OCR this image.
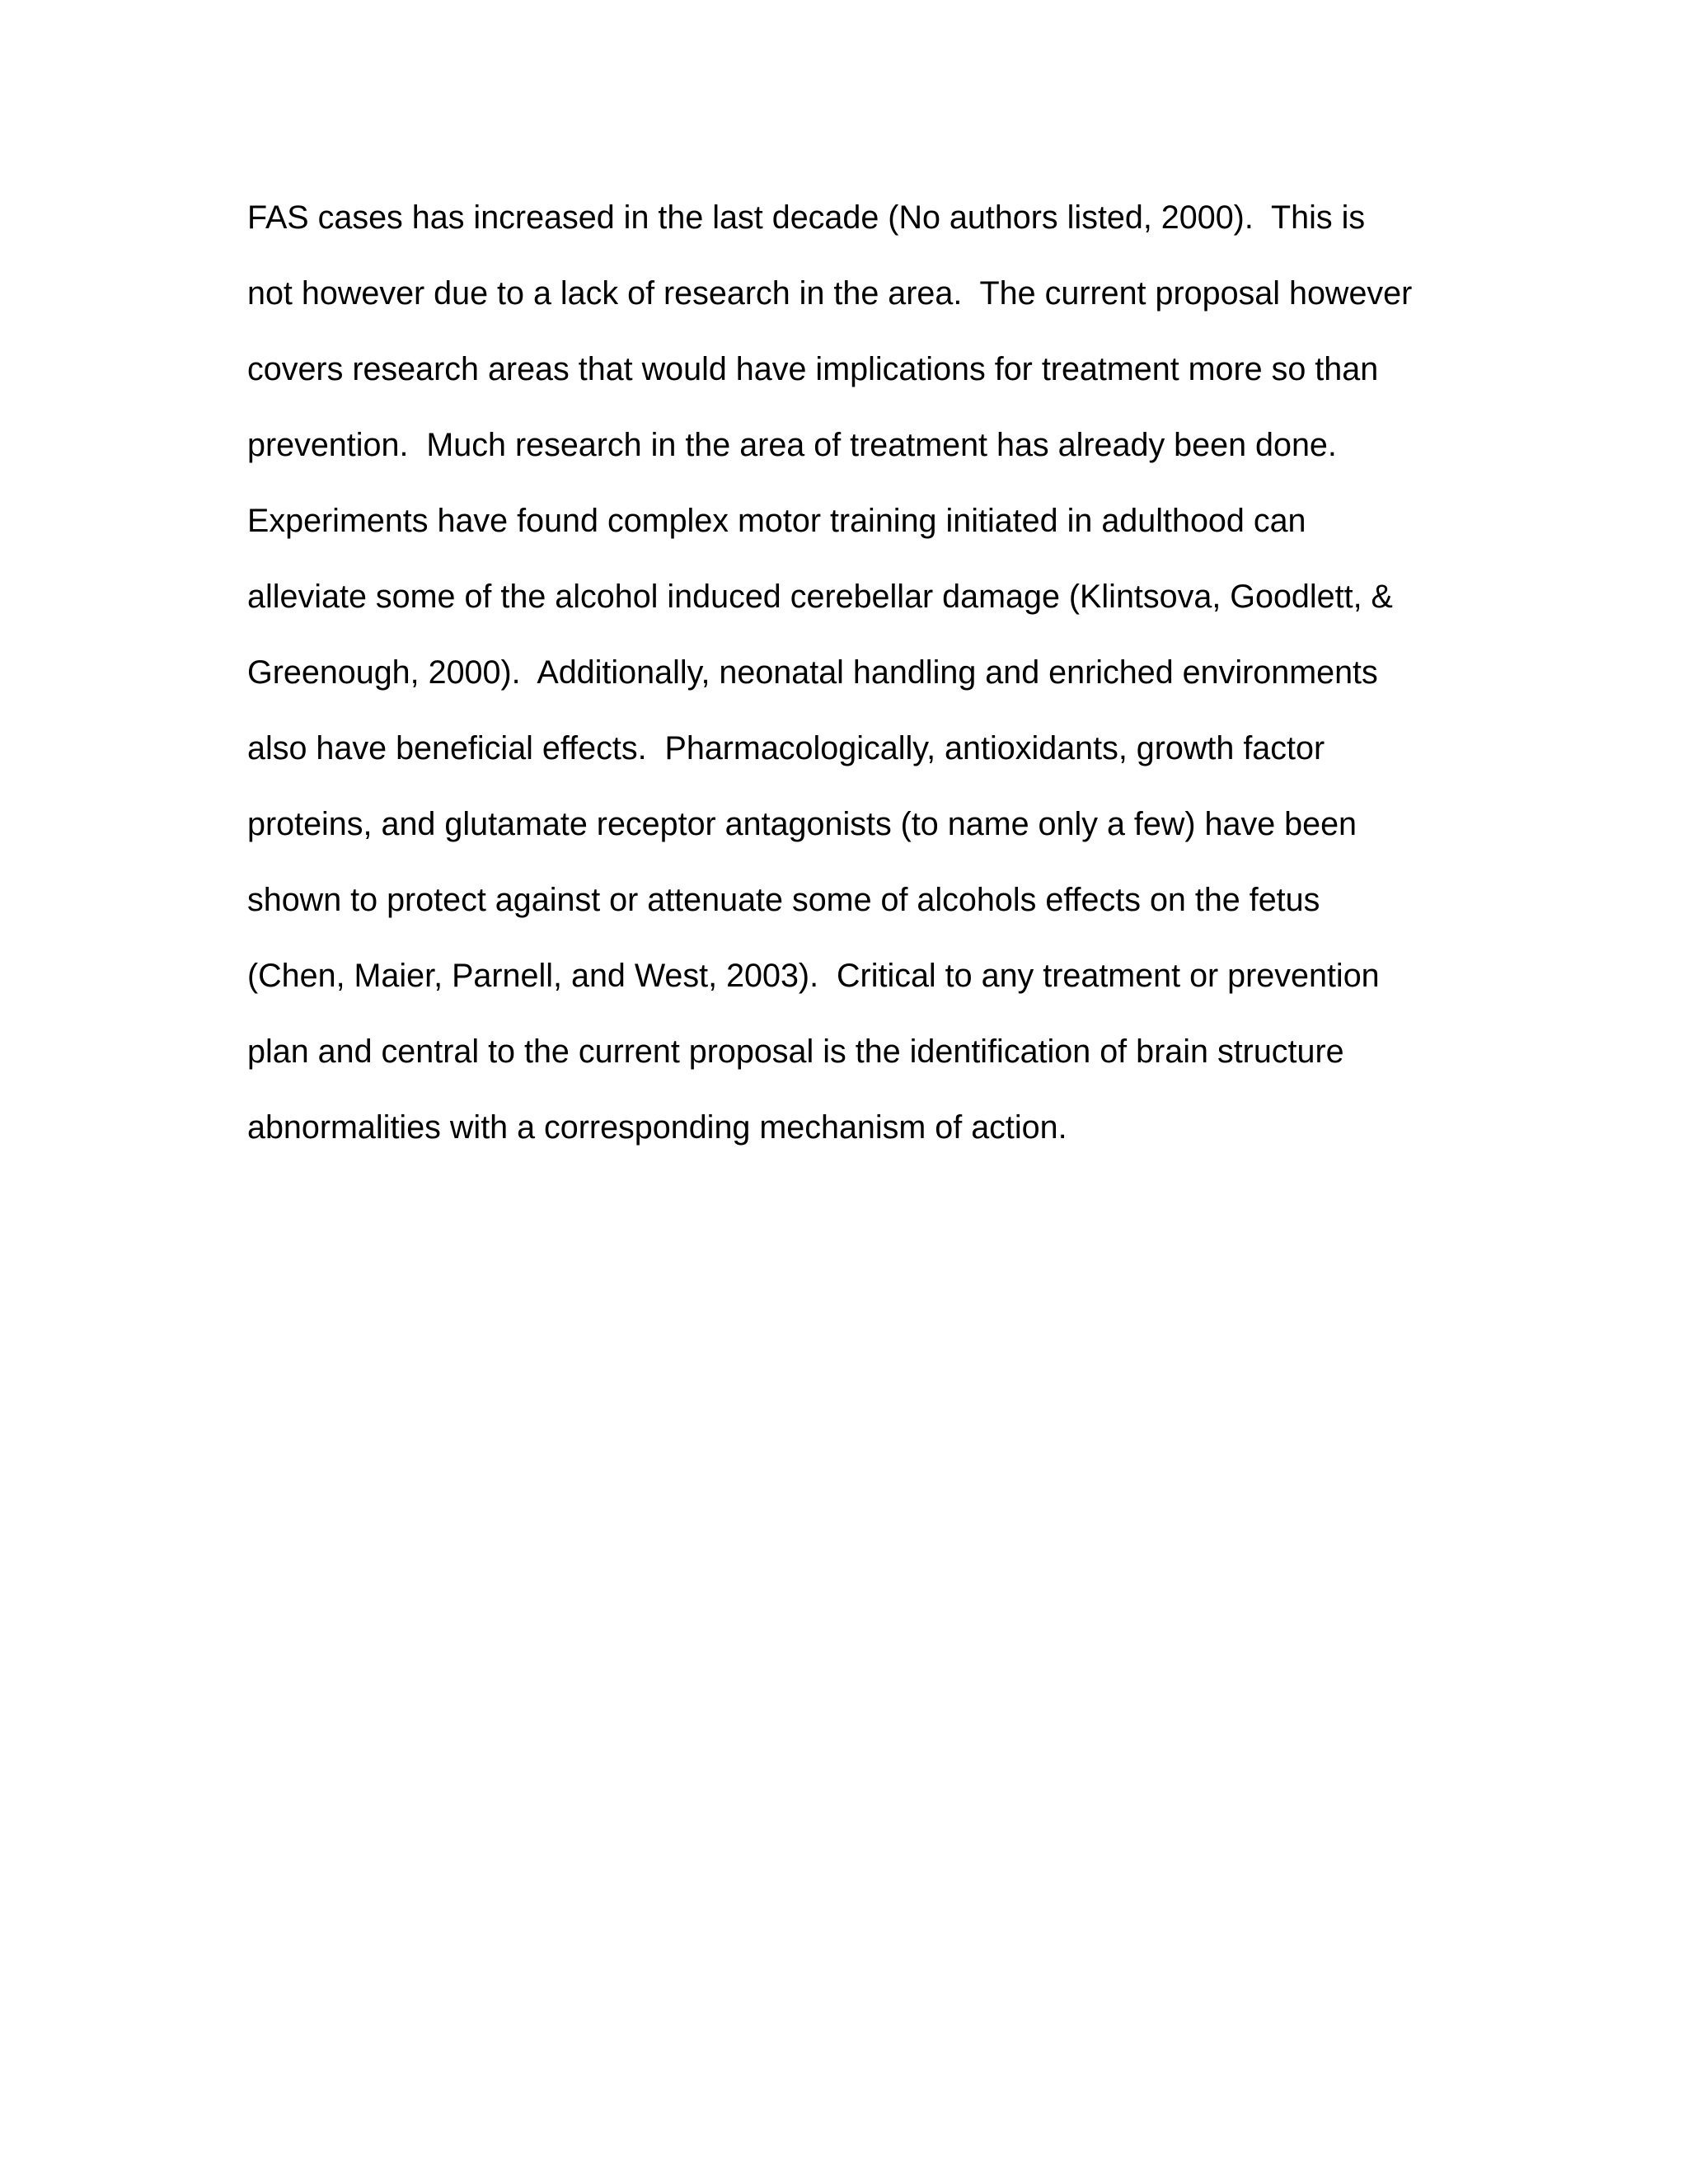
FAS cases has increased in the last decade (No authors listed, 2000).  This is
not however due to a lack of research in the area.  The current proposal however
covers research areas that would have implications for treatment more so than
prevention.  Much research in the area of treatment has already been done.
Experiments have found complex motor training initiated in adulthood can
alleviate some of the alcohol induced cerebellar damage (Klintsova, Goodlett, &
Greenough, 2000).  Additionally, neonatal handling and enriched environments
also have beneficial effects.  Pharmacologically, antioxidants, growth factor
proteins, and glutamate receptor antagonists (to name only a few) have been
shown to protect against or attenuate some of alcohols effects on the fetus
(Chen, Maier, Parnell, and West, 2003).  Critical to any treatment or prevention
plan and central to the current proposal is the identification of brain structure
abnormalities with a corresponding mechanism of action.
